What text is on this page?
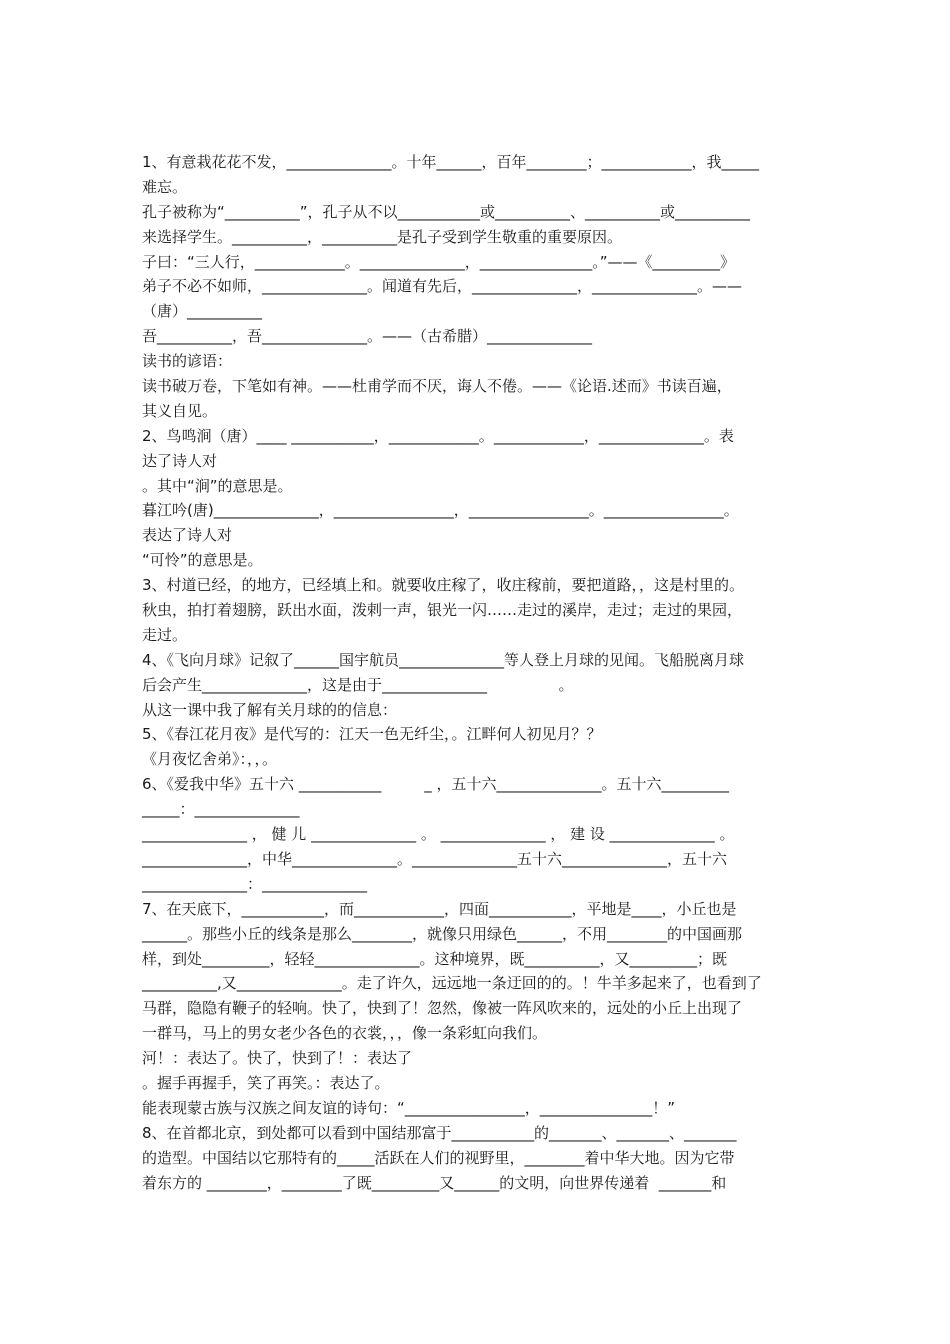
1、有意栽花花不发，______________。十年______，百年________；____________，我_____
难忘。
孔子被称为“__________”，孔子从不以___________或__________、__________或__________
来选择学生。__________，__________是孔子受到学生敬重的重要原因。
子曰：“三人行，____________。______________，_______________。”——《_________》
弟子不必不如师，______________。闻道有先后，______________，______________。——
（唐）__________
吾__________，吾______________。——（古希腊）______________
读书的谚语：
读书破万卷，下笔如有神。——杜甫学而不厌，诲人不倦。——《论语.述而》书读百遍，
其义自见。
2、鸟鸣涧（唐）____ ___________，____________。____________，______________。表
达了诗人对
。其中“涧”的意思是。
暮江吟(唐)______________，________________，________________。________________。
表达了诗人对
“可怜”的意思是。
3、村道已经，的地方，已经填上和。就要收庄稼了，收庄稼前，要把道路，，这是村里的。
秋虫，拍打着翅膀，跃出水面，泼剌一声，银光一闪……走过的溪岸，走过；走过的果园，
走过。
4、《飞向月球》记叙了______国宇航员______________等人登上月球的见闻。飞船脱离月球
后会产生______________，这是由于______________               。
从这一课中我了解有关月球的的信息：
5、《春江花月夜》是代写的：江天一色无纤尘，。江畔何人初见月？？
《月夜忆舍弟》：，，。
6、《爱我中华》五十六 ___________         _ ，五十六______________。五十六_________
_____：______________
______________ ， 健 儿 ______________ 。 ______________ ， 建 设 ______________ 。
______________，中华______________。______________五十六______________，五十六
______________：______________
7、在天底下，___________，而____________，四面___________，平地是____，小丘也是
______。那些小丘的线条是那么________，就像只用绿色______，不用________的中国画那
样，到处_________，轻轻______________。这种境界，既__________，又_________；既
__________,又______________。走了许久，远远地一条迂回的的。！牛羊多起来了，也看到了
马群，隐隐有鞭子的轻响。快了，快到了！忽然，像被一阵风吹来的，远处的小丘上出现了
一群马，马上的男女老少各色的衣裳，，，像一条彩虹向我们。
河！：表达了。快了，快到了！：表达了
。握手再握手，笑了再笑。：表达了。
能表现蒙古族与汉族之间友谊的诗句：“________________，_______________！”
8、在首都北京，到处都可以看到中国结那富于___________的_______、_______、_______
的造型。中国结以它那特有的_____活跃在人们的视野里，________着中华大地。因为它带
着东方的 ________，________了既_________又______的文明，向世界传递着  _______和
